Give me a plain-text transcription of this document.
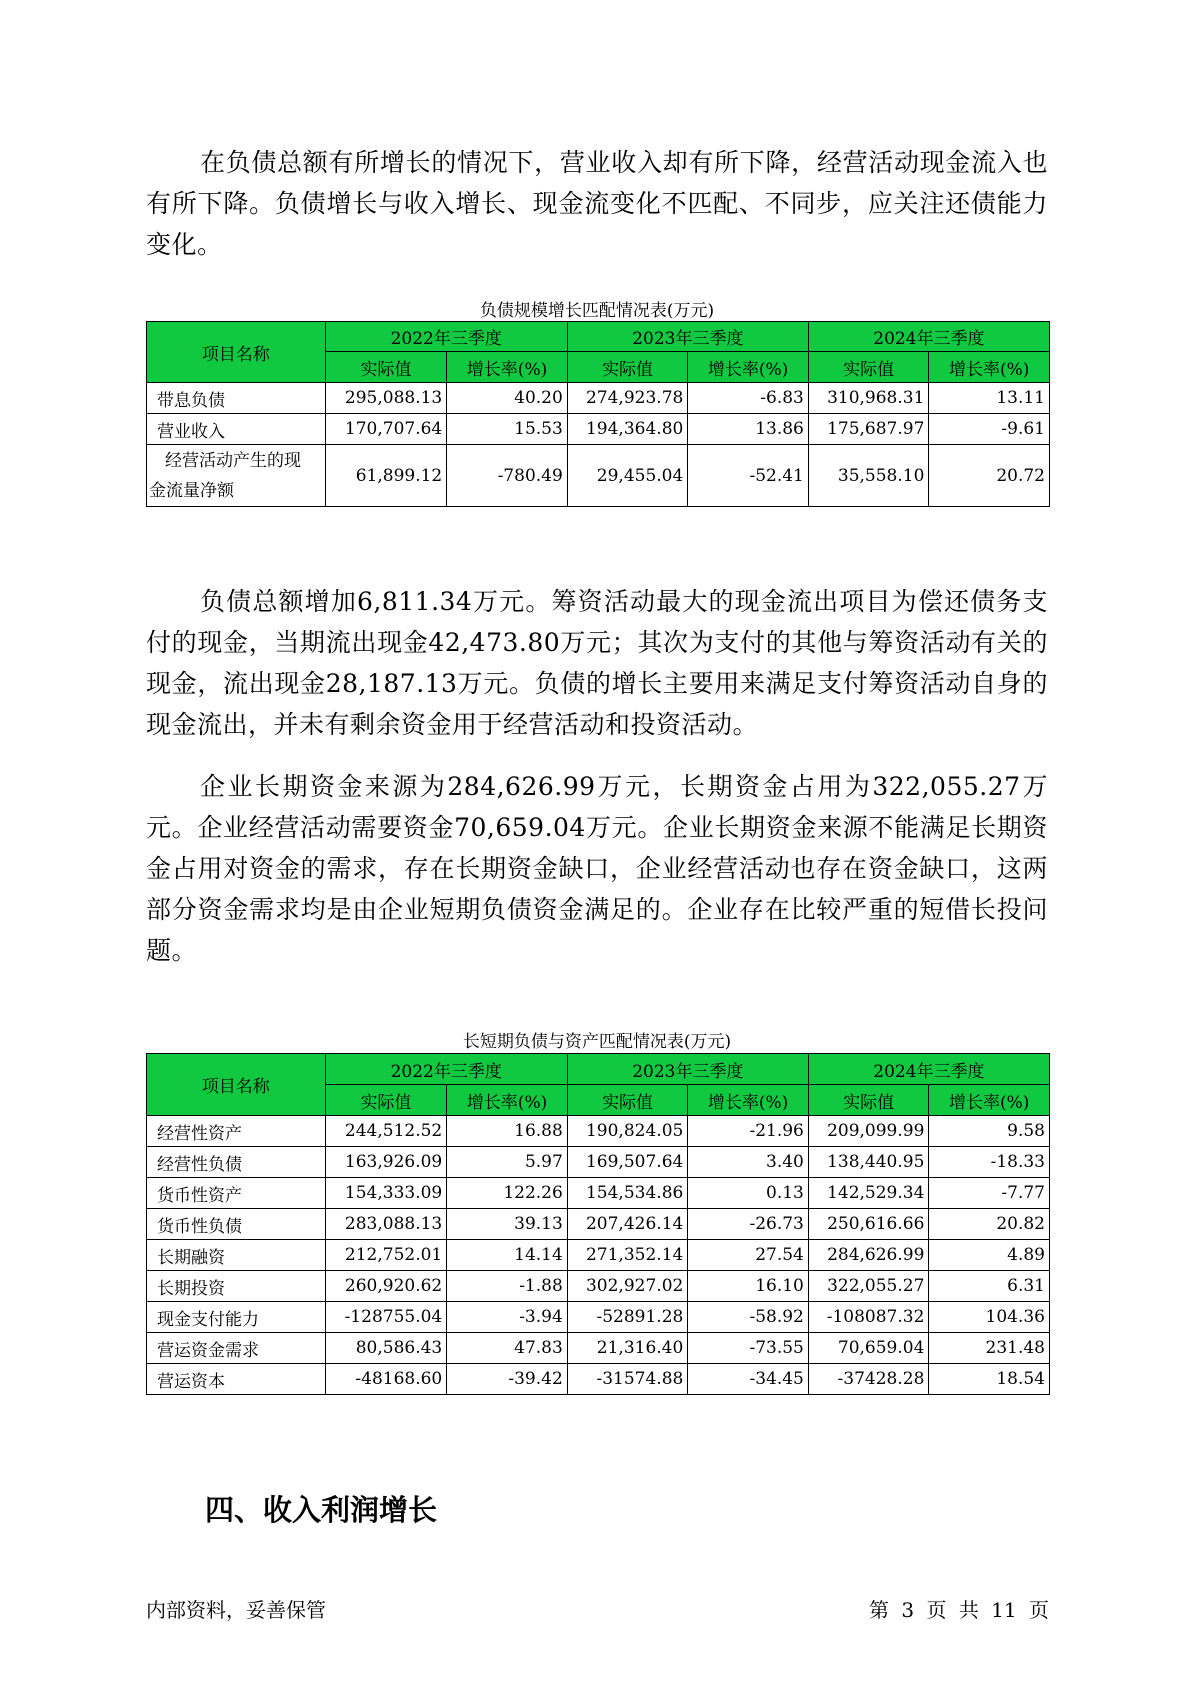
在负债总额有所增长的情况下，营业收入却有所下降，经营活动现金流入也有所下降。负债增长与收入增长、现金流变化不匹配、不同步，应关注还债能力变化。

负债规模增长匹配情况表(万元)

项目名称	2022年三季度		2023年三季度		2024年三季度	
	实际值	增长率(%)	实际值	增长率(%)	实际值	增长率(%)
带息负债	295,088.13	40.20	274,923.78	-6.83	310,968.31	13.11
营业收入	170,707.64	15.53	194,364.80	13.86	175,687.97	-9.61

经营活动产生的现
金流量净额	61,899.12	-780.49	29,455.04	-52.41	35,558.10	20.72

负债总额增加6,811.34万元。筹资活动最大的现金流出项目为偿还债务支付的现金，当期流出现金42,473.80万元；其次为支付的其他与筹资活动有关的现金，流出现金28,187.13万元。负债的增长主要用来满足支付筹资活动自身的现金流出，并未有剩余资金用于经营活动和投资活动。

企业长期资金来源为284,626.99万元，长期资金占用为322,055.27万元。企业经营活动需要资金70,659.04万元。企业长期资金来源不能满足长期资金占用对资金的需求，存在长期资金缺口，企业经营活动也存在资金缺口，这两部分资金需求均是由企业短期负债资金满足的。企业存在比较严重的短借长投问题。

长短期负债与资产匹配情况表(万元)

项目名称	2022年三季度		2023年三季度		2024年三季度	
	实际值	增长率(%)	实际值	增长率(%)	实际值	增长率(%)
经营性资产	244,512.52	16.88	190,824.05	-21.96	209,099.99	9.58
经营性负债	163,926.09	5.97	169,507.64	3.40	138,440.95	-18.33
货币性资产	154,333.09	122.26	154,534.86	0.13	142,529.34	-7.77
货币性负债	283,088.13	39.13	207,426.14	-26.73	250,616.66	20.82
长期融资	212,752.01	14.14	271,352.14	27.54	284,626.99	4.89
长期投资	260,920.62	-1.88	302,927.02	16.10	322,055.27	6.31
现金支付能力	-128755.04	-3.94	-52891.28	-58.92	-108087.32	104.36
营运资金需求	80,586.43	47.83	21,316.40	-73.55	70,659.04	231.48
营运资本	-48168.60	-39.42	-31574.88	-34.45	-37428.28	18.54
四、收入利润增长
内部资料，妥善保管	第 3 页 共 11 页
